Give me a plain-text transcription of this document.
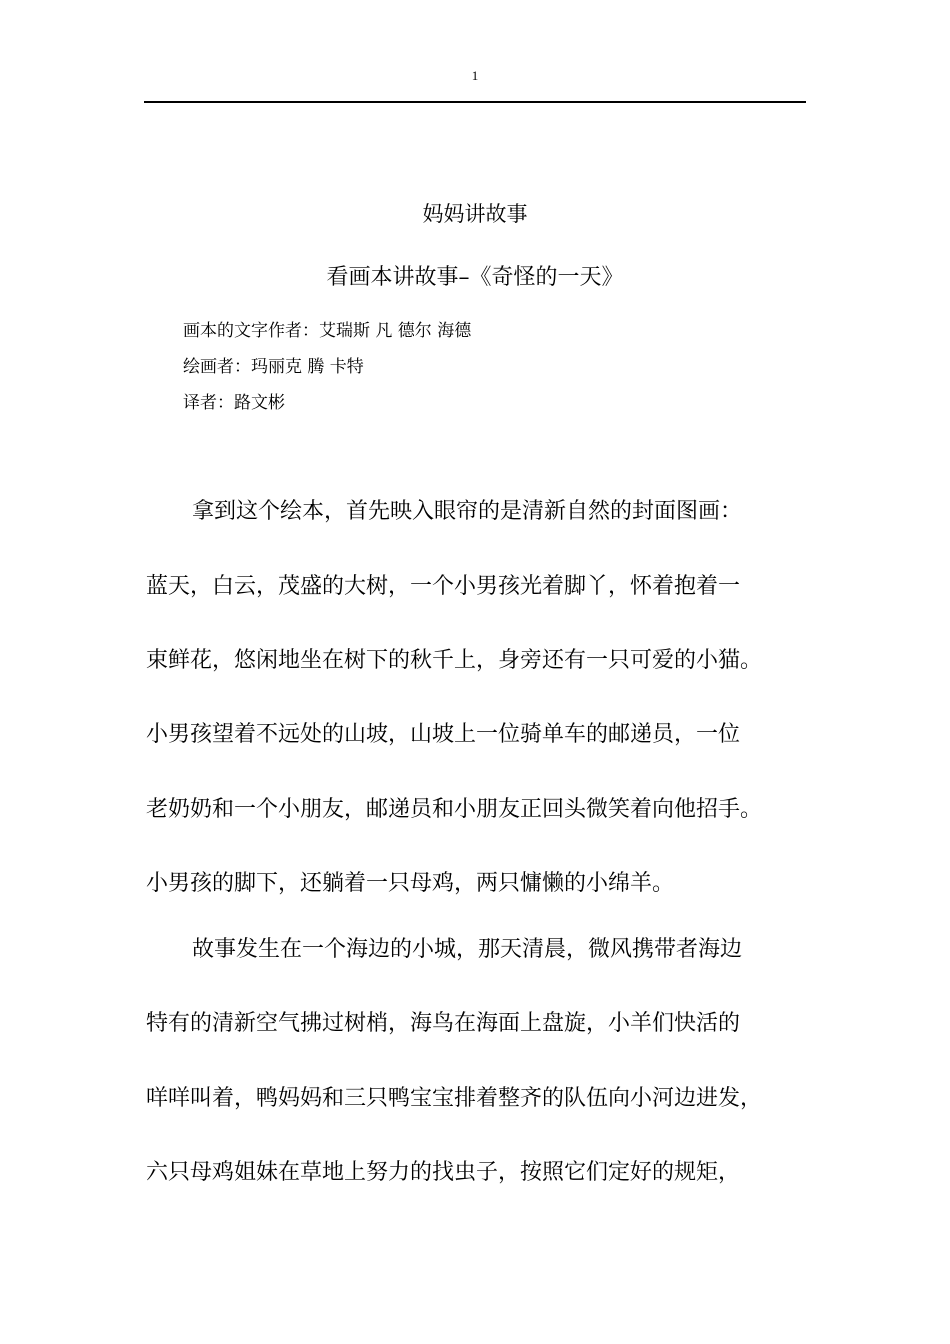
1
妈妈讲故事
看画本讲故事–《奇怪的一天》
画本的文字作者：艾瑞斯 凡 德尔 海德
绘画者：玛丽克 腾 卡特
译者：路文彬
拿到这个绘本，首先映入眼帘的是清新自然的封面图画：
蓝天，白云，茂盛的大树，一个小男孩光着脚丫，怀着抱着一
束鲜花，悠闲地坐在树下的秋千上，身旁还有一只可爱的小猫。
小男孩望着不远处的山坡，山坡上一位骑单车的邮递员，一位
老奶奶和一个小朋友，邮递员和小朋友正回头微笑着向他招手。
小男孩的脚下，还躺着一只母鸡，两只慵懒的小绵羊。
故事发生在一个海边的小城，那天清晨，微风携带者海边
特有的清新空气拂过树梢，海鸟在海面上盘旋，小羊们快活的
咩咩叫着，鸭妈妈和三只鸭宝宝排着整齐的队伍向小河边进发，
六只母鸡姐妹在草地上努力的找虫子，按照它们定好的规矩，
